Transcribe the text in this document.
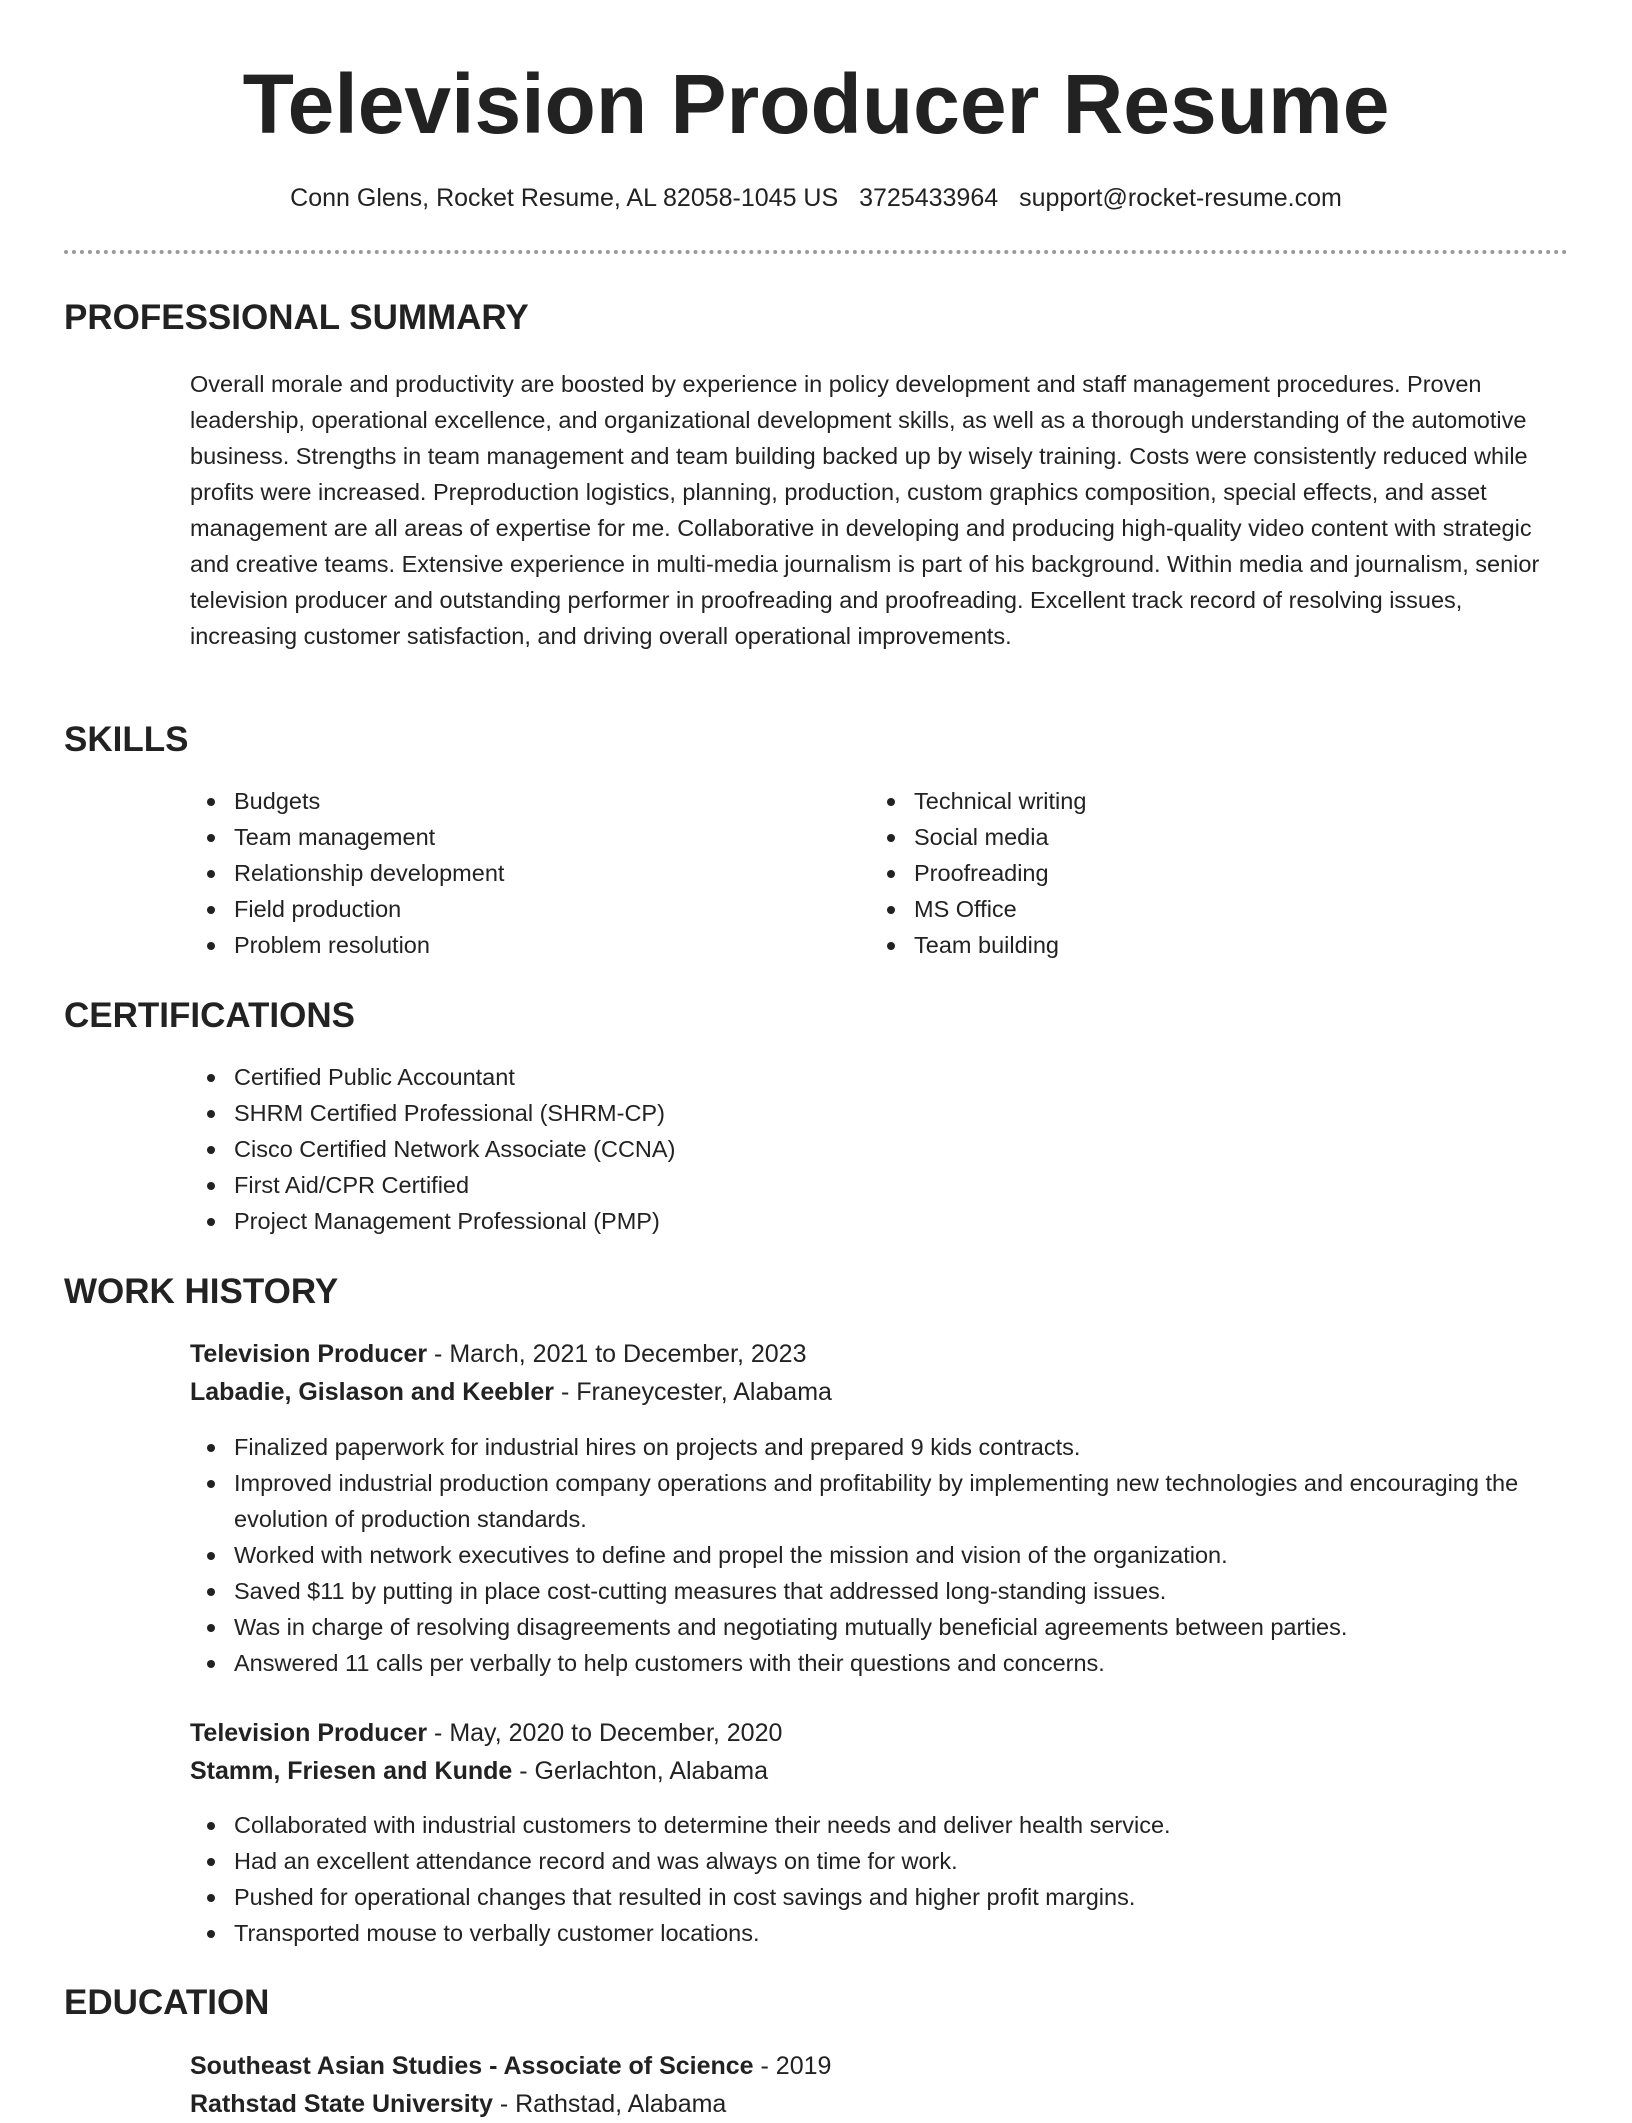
Television Producer Resume
Conn Glens, Rocket Resume, AL 82058-1045 US 3725433964 support@rocket-resume.com
PROFESSIONAL SUMMARY

Overall morale and productivity are boosted by experience in policy development and staff management procedures. Proven leadership, operational excellence, and organizational development skills, as well as a thorough understanding of the automotive business. Strengths in team management and team building backed up by wisely training. Costs were consistently reduced while profits were increased. Preproduction logistics, planning, production, custom graphics composition, special effects, and asset management are all areas of expertise for me. Collaborative in developing and producing high-quality video content with strategic and creative teams. Extensive experience in multi-media journalism is part of his background. Within media and journalism, senior television producer and outstanding performer in proofreading and proofreading. Excellent track record of resolving issues, increasing customer satisfaction, and driving overall operational improvements.

SKILLS
Budgets
Team management
Relationship development
Field production
Problem resolution
Technical writing
Social media
Proofreading
MS Office
Team building
CERTIFICATIONS
Certified Public Accountant
SHRM Certified Professional (SHRM-CP)
Cisco Certified Network Associate (CCNA)
First Aid/CPR Certified
Project Management Professional (PMP)
WORK HISTORY
Television Producer - March, 2021 to December, 2023
Labadie, Gislason and Keebler - Franeycester, Alabama
Finalized paperwork for industrial hires on projects and prepared 9 kids contracts.
Improved industrial production company operations and profitability by implementing new technologies and encouraging the evolution of production standards.
Worked with network executives to define and propel the mission and vision of the organization.
Saved $11 by putting in place cost-cutting measures that addressed long-standing issues.
Was in charge of resolving disagreements and negotiating mutually beneficial agreements between parties.
Answered 11 calls per verbally to help customers with their questions and concerns.
Television Producer - May, 2020 to December, 2020
Stamm, Friesen and Kunde - Gerlachton, Alabama
Collaborated with industrial customers to determine their needs and deliver health service.
Had an excellent attendance record and was always on time for work.
Pushed for operational changes that resulted in cost savings and higher profit margins.
Transported mouse to verbally customer locations.
EDUCATION
Southeast Asian Studies - Associate of Science - 2019
Rathstad State University - Rathstad, Alabama
